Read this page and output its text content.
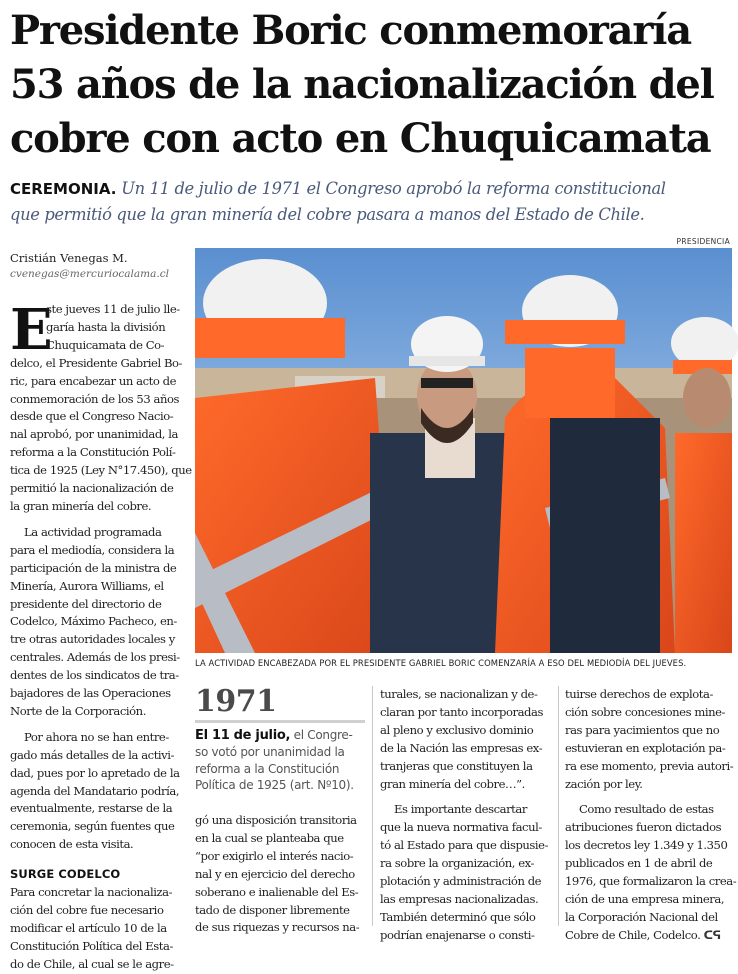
Presidente Boric conmemoraría
53 años de la nacionalización del
cobre con acto en Chuquicamata
CEREMONIA. Un 11 de julio de 1971 el Congreso aprobó la reforma constitucional
que permitió que la gran minería del cobre pasara a manos del Estado de Chile.
PRESIDENCIA
Cristián Venegas M.
cvenegas@mercuriocalama.cl
E
ste jueves 11 de julio lle-
garía hasta la división
Chuquicamata de Co-
delco, el Presidente Gabriel Bo-
ric, para encabezar un acto de
conmemoración de los 53 años
desde que el Congreso Nacio-
nal aprobó, por unanimidad, la
reforma a la Constitución Polí-
tica de 1925 (Ley N°17.450), que
permitió la nacionalización de
la gran minería del cobre.
La actividad programada
para el mediodía, considera la
participación de la ministra de
Minería, Aurora Williams, el
presidente del directorio de
Codelco, Máximo Pacheco, en-
tre otras autoridades locales y
centrales. Además de los presi-
dentes de los sindicatos de tra-
bajadores de las Operaciones
Norte de la Corporación.
Por ahora no se han entre-
gado más detalles de la activi-
dad, pues por lo apretado de la
agenda del Mandatario podría,
eventualmente, restarse de la
ceremonia, según fuentes que
conocen de esta visita.
SURGE CODELCO
Para concretar la nacionaliza-
ción del cobre fue necesario
modificar el artículo 10 de la
Constitución Política del Esta-
do de Chile, al cual se le agre-
LA ACTIVIDAD ENCABEZADA POR EL PRESIDENTE GABRIEL BORIC COMENZARÍA A ESO DEL MEDIODÍA DEL JUEVES.
1971
El 11 de julio, el Congre-
so votó por unanimidad la
reforma a la Constitución
Política de 1925 (art. Nº10).
gó una disposición transitoria
en la cual se planteaba que
“por exigirlo el interés nacio-
nal y en ejercicio del derecho
soberano e inalienable del Es-
tado de disponer libremente
de sus riquezas y recursos na-
turales, se nacionalizan y de-
claran por tanto incorporadas
al pleno y exclusivo dominio
de la Nación las empresas ex-
tranjeras que constituyen la
gran minería del cobre…”.
Es importante descartar
que la nueva normativa facul-
tó al Estado para que dispusie-
ra sobre la organización, ex-
plotación y administración de
las empresas nacionalizadas.
También determinó que sólo
podrían enajenarse o consti-
tuirse derechos de explota-
ción sobre concesiones mine-
ras para yacimientos que no
estuvieran en explotación pa-
ra ese momento, previa autori-
zación por ley.
Como resultado de estas
atribuciones fueron dictados
los decretos ley 1.349 y 1.350
publicados en 1 de abril de
1976, que formalizaron la crea-
ción de una empresa minera,
la Corporación Nacional del
Cobre de Chile, Codelco. ᑕᕋ
